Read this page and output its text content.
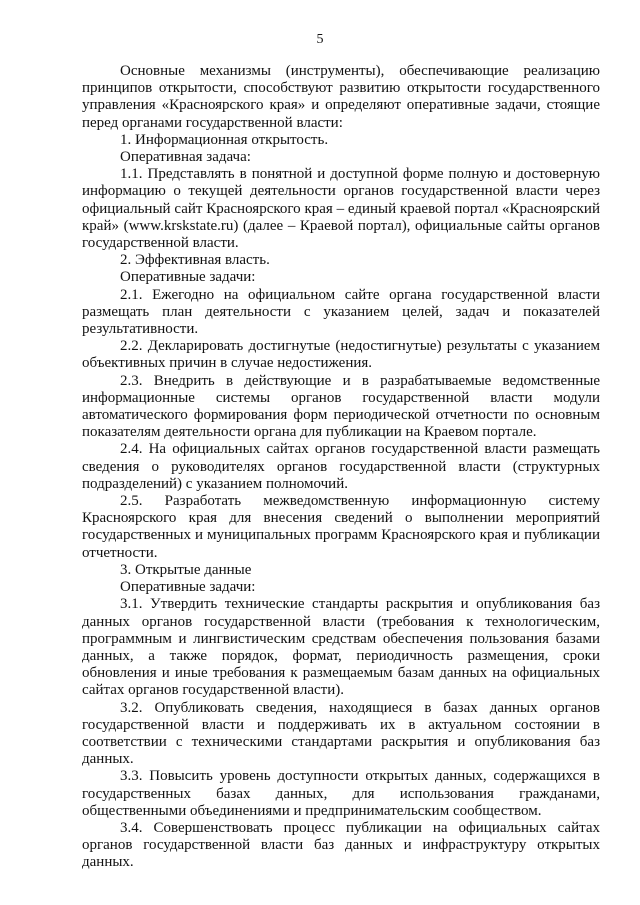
5

Основные механизмы (инструменты), обеспечивающие реализацию принципов открытости, способствуют развитию открытости государственного управления «Красноярского края» и определяют оперативные задачи, стоящие перед органами государственной власти:

1. Информационная открытость.

Оперативная задача:

1.1. Представлять в понятной и доступной форме полную и достоверную информацию о текущей деятельности органов государственной власти через официальный сайт Красноярского края – единый краевой портал «Красноярский край» (www.krskstate.ru) (далее – Краевой портал), официальные сайты органов государственной власти.

2. Эффективная власть.

Оперативные задачи:

2.1. Ежегодно на официальном сайте органа государственной власти размещать план деятельности с указанием целей, задач и показателей результативности.

2.2. Декларировать достигнутые (недостигнутые) результаты с указанием объективных причин в случае недостижения.

2.3. Внедрить в действующие и в разрабатываемые ведомственные информационные системы органов государственной власти модули автоматического формирования форм периодической отчетности по основным показателям деятельности органа для публикации на Краевом портале.

2.4. На официальных сайтах органов государственной власти размещать сведения о руководителях органов государственной власти (структурных подразделений) с указанием полномочий.

2.5. Разработать межведомственную информационную систему Красноярского края для внесения сведений о выполнении мероприятий государственных и муниципальных программ Красноярского края и публикации отчетности.

3. Открытые данные

Оперативные задачи:

3.1. Утвердить технические стандарты раскрытия и опубликования баз данных органов государственной власти (требования к технологическим, программным и лингвистическим средствам обеспечения пользования базами данных, а также порядок, формат, периодичность размещения, сроки обновления и иные требования к размещаемым базам данных на официальных сайтах органов государственной власти).

3.2. Опубликовать сведения, находящиеся в базах данных органов государственной власти и поддерживать их в актуальном состоянии в соответствии с техническими стандартами раскрытия и опубликования баз данных.

3.3. Повысить уровень доступности открытых данных, содержащихся в государственных базах данных, для использования гражданами, общественными объединениями и предпринимательским сообществом.

3.4. Совершенствовать процесс публикации на официальных сайтах органов государственной власти баз данных и инфраструктуру открытых данных.
